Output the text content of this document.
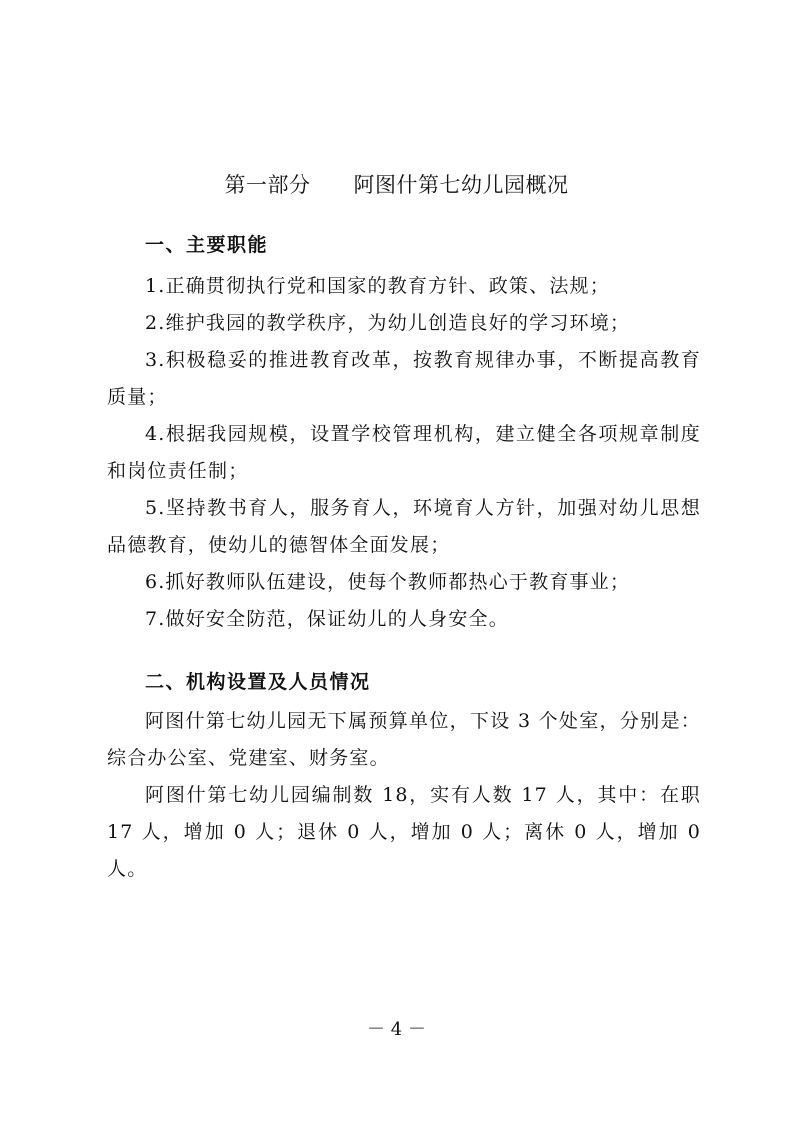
第一部分      阿图什第七幼儿园概况
一、主要职能

1.正确贯彻执行党和国家的教育方针、政策、法规；

2.维护我园的教学秩序，为幼儿创造良好的学习环境；

3.积极稳妥的推进教育改革，按教育规律办事，不断提高教育质量；

4.根据我园规模，设置学校管理机构，建立健全各项规章制度和岗位责任制；

5.坚持教书育人，服务育人，环境育人方针，加强对幼儿思想品德教育，使幼儿的德智体全面发展；

6.抓好教师队伍建设，使每个教师都热心于教育事业；

7.做好安全防范，保证幼儿的人身安全。

二、机构设置及人员情况

阿图什第七幼儿园无下属预算单位，下设 3 个处室，分别是：综合办公室、党建室、财务室。

阿图什第七幼儿园编制数 18，实有人数 17 人，其中：在职 17 人，增加 0 人；退休 0 人，增加 0 人；离休 0 人，增加 0 人。

－ 4 －
